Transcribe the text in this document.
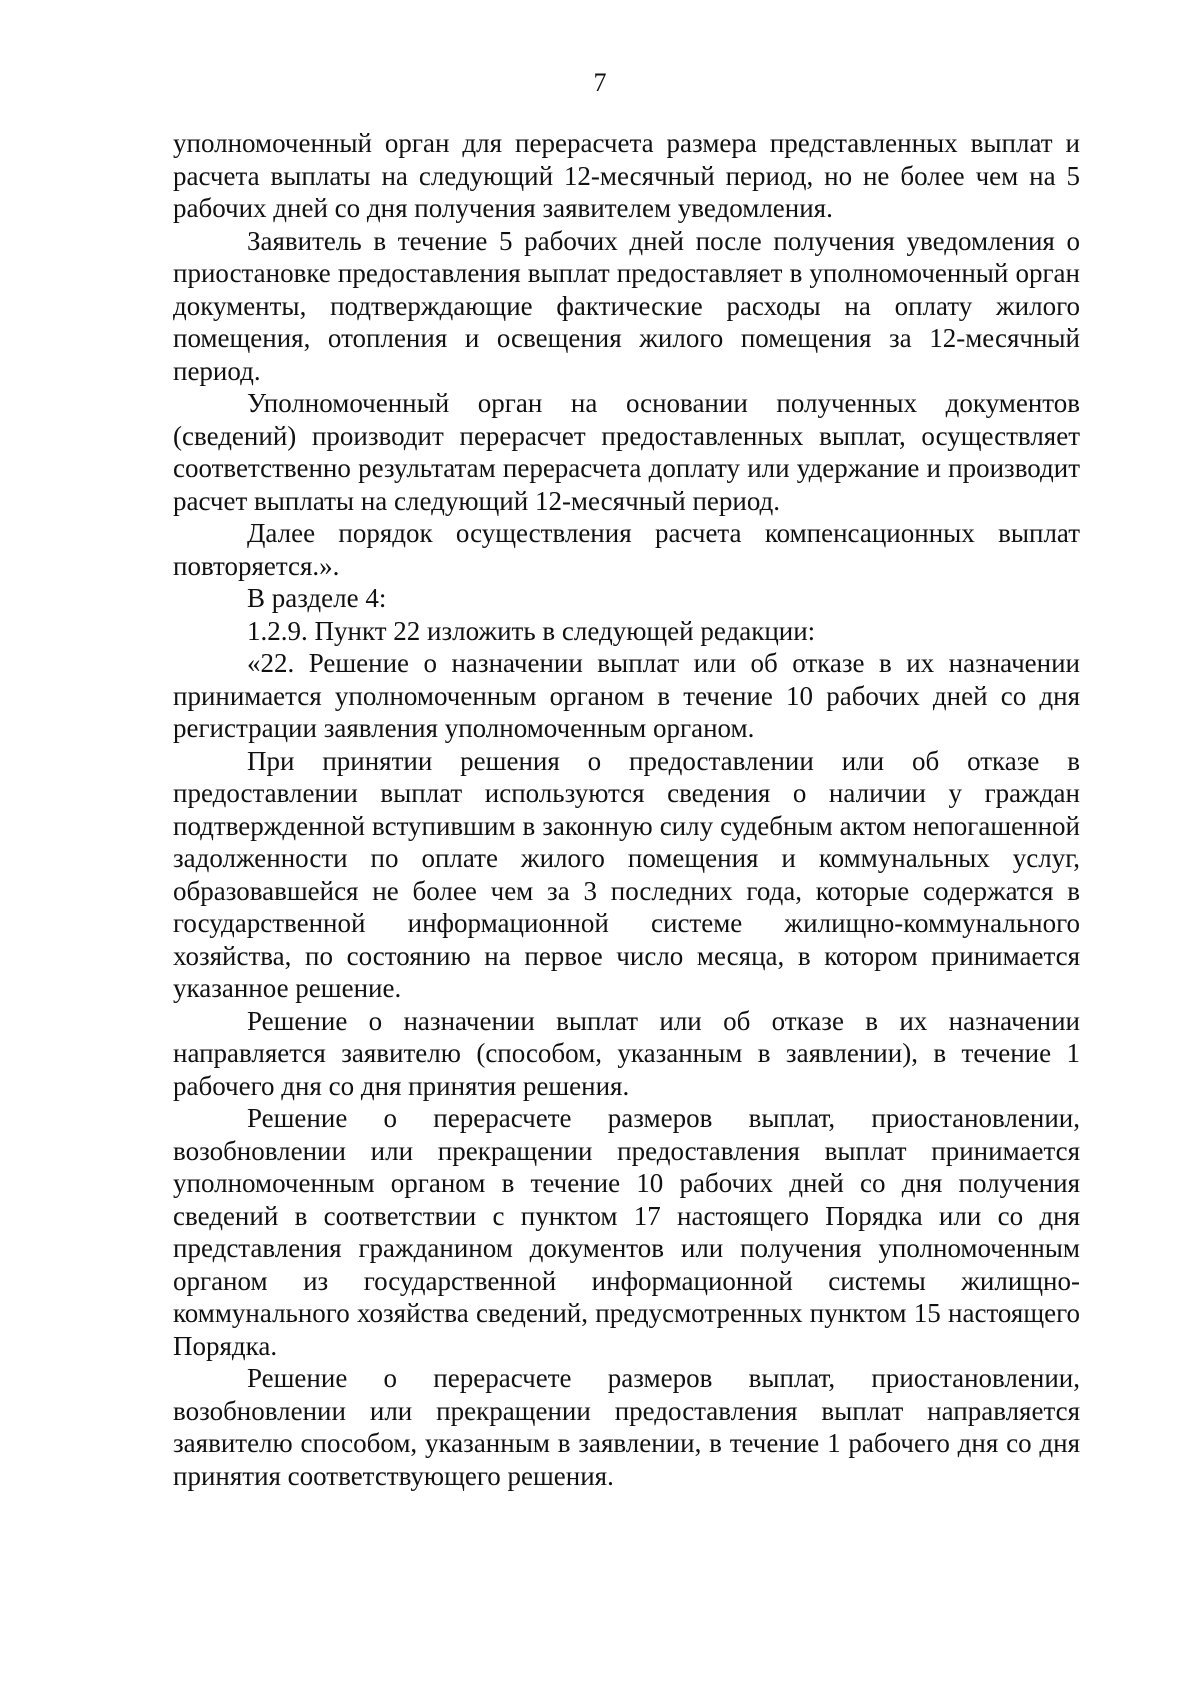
7

уполномоченный орган для перерасчета размера представленных выплат и расчета выплаты на следующий 12-месячный период, но не более чем на 5 рабочих дней со дня получения заявителем уведомления.

Заявитель в течение 5 рабочих дней после получения уведомления о приостановке предоставления выплат предоставляет в уполномоченный орган документы, подтверждающие фактические расходы на оплату жилого помещения, отопления и освещения жилого помещения за 12-месячный период.

Уполномоченный орган на основании полученных документов (сведений) производит перерасчет предоставленных выплат, осуществляет соответственно результатам перерасчета доплату или удержание и производит расчет выплаты на следующий 12-месячный период.

Далее порядок осуществления расчета компенсационных выплат повторяется.».

В разделе 4:

1.2.9. Пункт 22 изложить в следующей редакции:

«22. Решение о назначении выплат или об отказе в их назначении принимается уполномоченным органом в течение 10 рабочих дней со дня регистрации заявления уполномоченным органом.

При принятии решения о предоставлении или об отказе в предоставлении выплат используются сведения о наличии у граждан подтвержденной вступившим в законную силу судебным актом непогашенной задолженности по оплате жилого помещения и коммунальных услуг, образовавшейся не более чем за 3 последних года, которые содержатся в государственной информационной системе жилищно-коммунального хозяйства, по состоянию на первое число месяца, в котором принимается указанное решение.

Решение о назначении выплат или об отказе в их назначении направляется заявителю (способом, указанным в заявлении), в течение 1 рабочего дня со дня принятия решения.

Решение о перерасчете размеров выплат, приостановлении, возобновлении или прекращении предоставления выплат принимается уполномоченным органом в течение 10 рабочих дней со дня получения сведений в соответствии с пунктом 17 настоящего Порядка или со дня представления гражданином документов или получения уполномоченным органом из государственной информационной системы жилищно-коммунального хозяйства сведений, предусмотренных пунктом 15 настоящего Порядка.

Решение о перерасчете размеров выплат, приостановлении, возобновлении или прекращении предоставления выплат направляется заявителю способом, указанным в заявлении, в течение 1 рабочего дня со дня принятия соответствующего решения.
